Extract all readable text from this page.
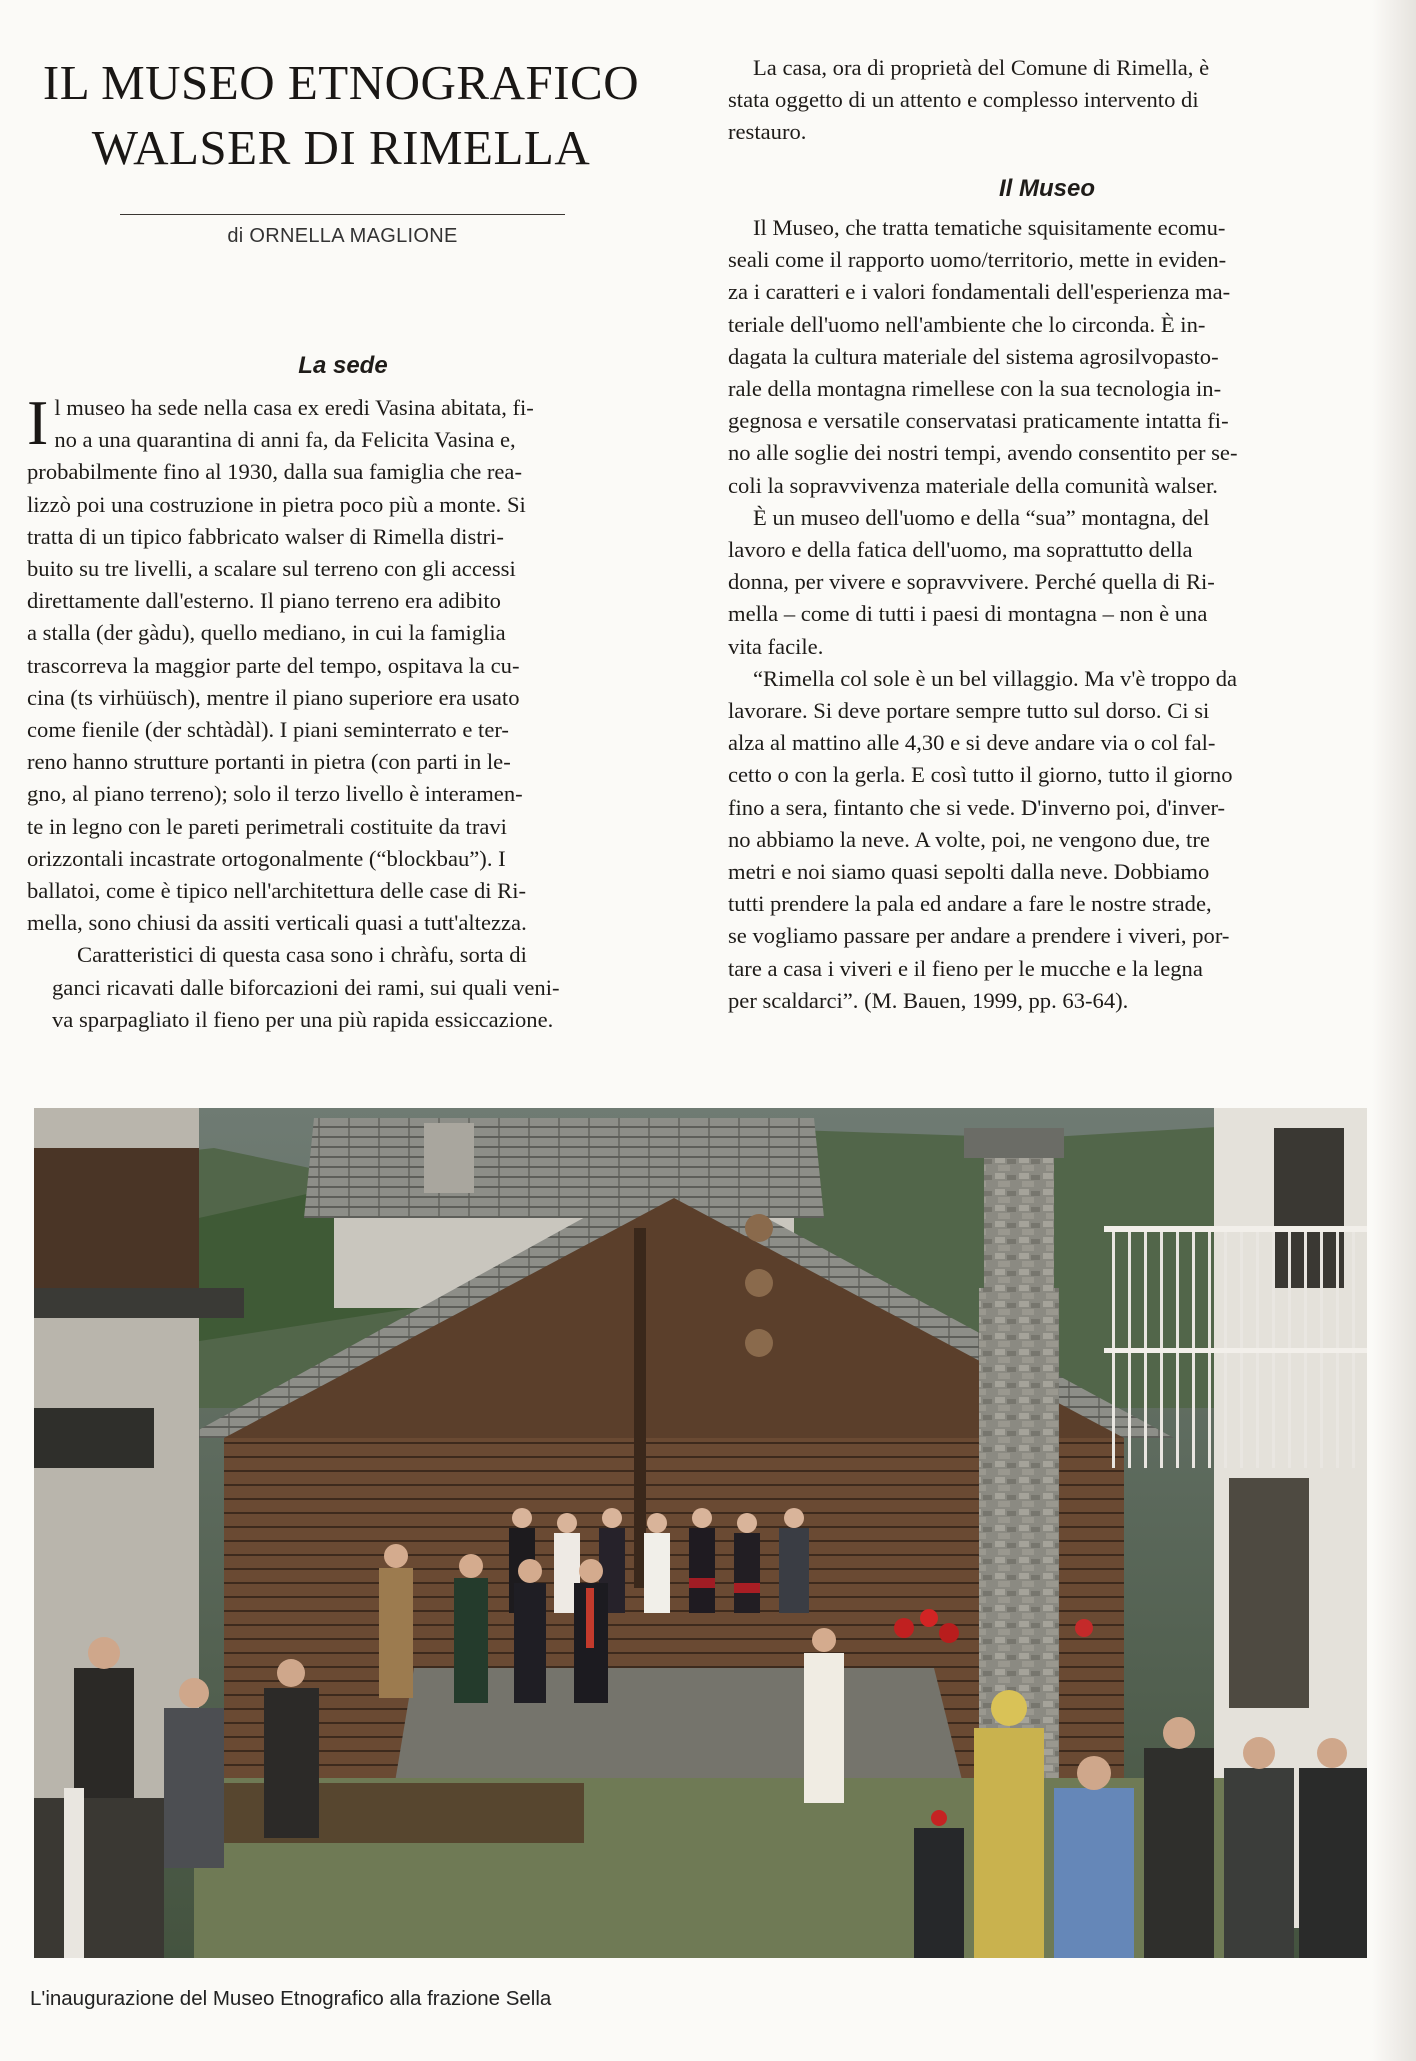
IL MUSEO ETNOGRAFICO
WALSER DI RIMELLA
di ORNELLA MAGLIONE
La sede

I l museo ha sede nella casa ex eredi Vasina abitata, fi-
no a una quarantina di anni fa, da Felicita Vasina e,
probabilmente fino al 1930, dalla sua famiglia che rea-
lizzò poi una costruzione in pietra poco più a monte. Si
tratta di un tipico fabbricato walser di Rimella distri-
buito su tre livelli, a scalare sul terreno con gli accessi
direttamente dall'esterno. Il piano terreno era adibito
a stalla (der gàdu), quello mediano, in cui la famiglia
trascorreva la maggior parte del tempo, ospitava la cu-
cina (ts virhüüsch), mentre il piano superiore era usato
come fienile (der schtàdàl). I piani seminterrato e ter-
reno hanno strutture portanti in pietra (con parti in le-
gno, al piano terreno); solo il terzo livello è interamen-
te in legno con le pareti perimetrali costituite da travi
orizzontali incastrate ortogonalmente (“blockbau”). I
ballatoi, come è tipico nell'architettura delle case di Ri-
mella, sono chiusi da assiti verticali quasi a tutt'altezza.

Caratteristici di questa casa sono i chràfu, sorta di
ganci ricavati dalle biforcazioni dei rami, sui quali veni-
va sparpagliato il fieno per una più rapida essiccazione.

La casa, ora di proprietà del Comune di Rimella, è
stata oggetto di un attento e complesso intervento di
restauro.

Il Museo

Il Museo, che tratta tematiche squisitamente ecomu-
seali come il rapporto uomo/territorio, mette in eviden-
za i caratteri e i valori fondamentali dell'esperienza ma-
teriale dell'uomo nell'ambiente che lo circonda. È in-
dagata la cultura materiale del sistema agrosilvopasto-
rale della montagna rimellese con la sua tecnologia in-
gegnosa e versatile conservatasi praticamente intatta fi-
no alle soglie dei nostri tempi, avendo consentito per se-
coli la sopravvivenza materiale della comunità walser.

È un museo dell'uomo e della “sua” montagna, del
lavoro e della fatica dell'uomo, ma soprattutto della
donna, per vivere e sopravvivere. Perché quella di Ri-
mella – come di tutti i paesi di montagna – non è una
vita facile.

“Rimella col sole è un bel villaggio. Ma v'è troppo da
lavorare. Si deve portare sempre tutto sul dorso. Ci si
alza al mattino alle 4,30 e si deve andare via o col fal-
cetto o con la gerla. E così tutto il giorno, tutto il giorno
fino a sera, fintanto che si vede. D'inverno poi, d'inver-
no abbiamo la neve. A volte, poi, ne vengono due, tre
metri e noi siamo quasi sepolti dalla neve. Dobbiamo
tutti prendere la pala ed andare a fare le nostre strade,
se vogliamo passare per andare a prendere i viveri, por-
tare a casa i viveri e il fieno per le mucche e la legna
per scaldarci”. (M. Bauen, 1999, pp. 63-64).

L'inaugurazione del Museo Etnografico alla frazione Sella
